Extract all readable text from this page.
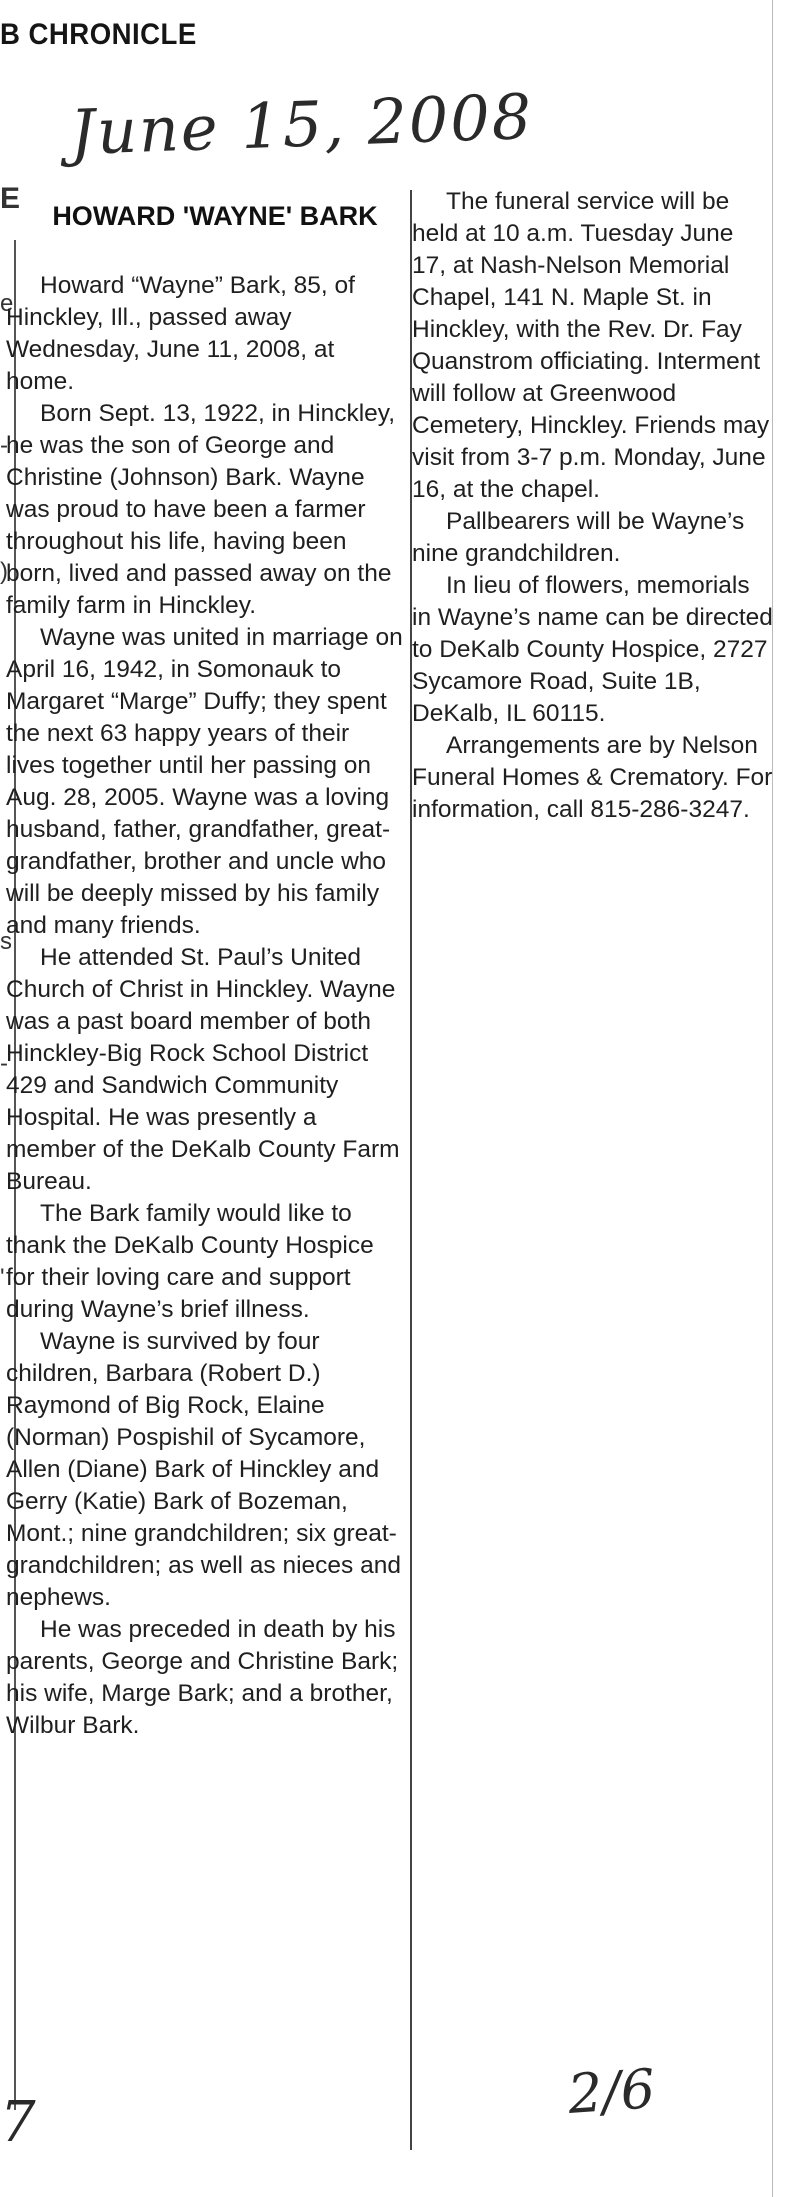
B CHRONICLE
June 15, 2008
E
e
-
)
s
-
'
HOWARD 'WAYNE' BARK

Howard “Wayne” Bark, 85, of Hinckley, Ill., passed away Wednesday, June 11, 2008, at home.

Born Sept. 13, 1922, in Hinckley, he was the son of George and Christine (Johnson) Bark. Wayne was proud to have been a farmer throughout his life, having been born, lived and passed away on the family farm in Hinckley.

Wayne was united in marriage on April 16, 1942, in Somonauk to Margaret “Marge” Duffy; they spent the next 63 happy years of their lives together until her passing on Aug. 28, 2005. Wayne was a loving husband, father, grandfather, great-grandfather, brother and uncle who will be deeply missed by his family and many friends.

He attended St. Paul’s United Church of Christ in Hinckley. Wayne was a past board member of both Hinckley-Big Rock School District 429 and Sandwich Community Hospital. He was presently a member of the DeKalb County Farm Bureau.

The Bark family would like to thank the DeKalb County Hospice for their loving care and support during Wayne’s brief illness.

Wayne is survived by four children, Barbara (Robert D.) Raymond of Big Rock, Elaine (Norman) Pospishil of Sycamore, Allen (Diane) Bark of Hinckley and Gerry (Katie) Bark of Bozeman, Mont.; nine grandchildren; six great-grandchildren; as well as nieces and nephews.

He was preceded in death by his parents, George and Christine Bark; his wife, Marge Bark; and a brother, Wilbur Bark.

The funeral service will be held at 10 a.m. Tuesday June 17, at Nash-Nelson Memorial Chapel, 141 N. Maple St. in Hinckley, with the Rev. Dr. Fay Quanstrom officiating. Interment will follow at Greenwood Cemetery, Hinckley. Friends may visit from 3-7 p.m. Monday, June 16, at the chapel.

Pallbearers will be Wayne’s nine grandchildren.

In lieu of flowers, memorials in Wayne’s name can be directed to DeKalb County Hospice, 2727 Sycamore Road, Suite 1B, DeKalb, IL 60115.

Arrangements are by Nelson Funeral Homes & Crematory. For information, call 815-286-3247.

7	2/6
